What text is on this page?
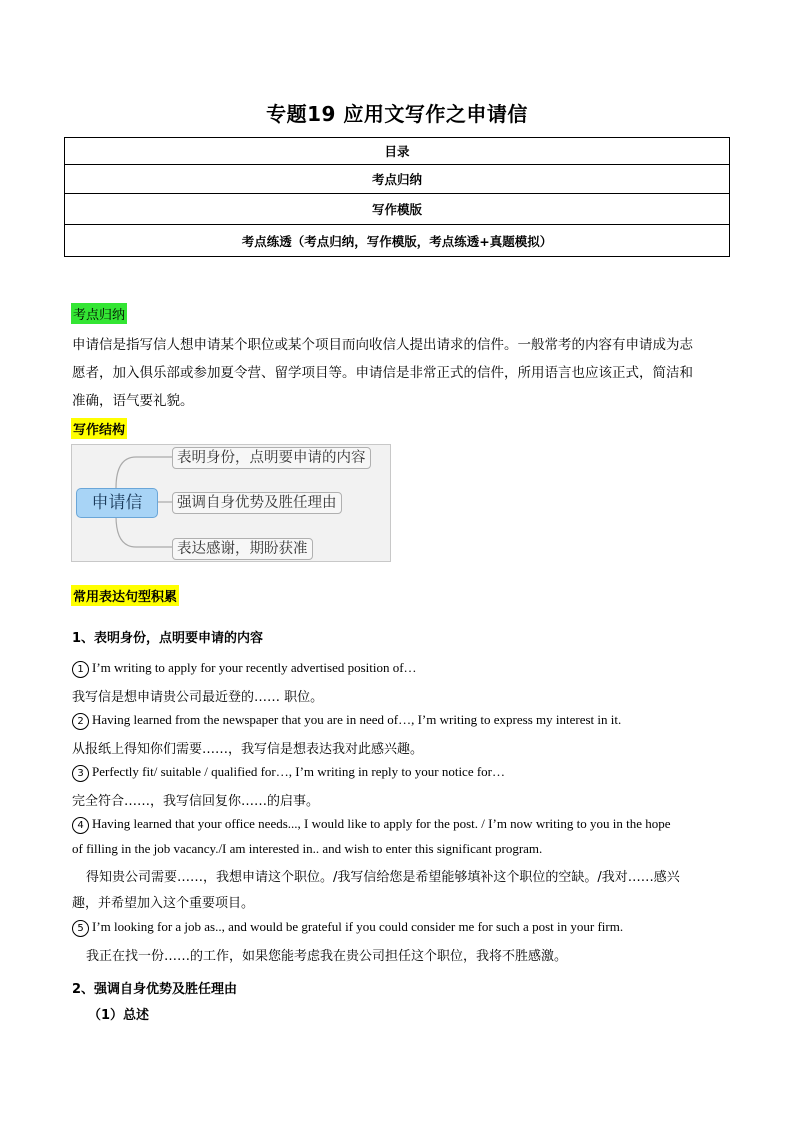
专题19 应用文写作之申请信
目录
考点归纳
写作模版
考点练透（考点归纳，写作模版，考点练透+真题模拟）
考点归纳
申请信是指写信人想申请某个职位或某个项目而向收信人提出请求的信件。一般常考的内容有申请成为志
愿者，加入俱乐部或参加夏令营、留学项目等。申请信是非常正式的信件，所用语言也应该正式，简洁和
准确，语气要礼貌。
写作结构
申请信
表明身份，点明要申请的内容
强调自身优势及胜任理由
表达感谢，期盼获准
常用表达句型积累
1、表明身份，点明要申请的内容
1 I’m writing to apply for your recently advertised position of…
我写信是想申请贵公司最近登的…… 职位。
2 Having learned from the newspaper that you are in need of…, I’m writing to express my interest in it.
从报纸上得知你们需要……，我写信是想表达我对此感兴趣。
3 Perfectly fit/ suitable / qualified for…, I’m writing in reply to your notice for…
完全符合……，我写信回复你……的启事。
4 Having learned that your office needs..., I would like to apply for the post. / I’m now writing to you in the hope
of filling in the job vacancy./I am interested in.. and wish to enter this significant program.
得知贵公司需要……，我想申请这个职位。/我写信给您是希望能够填补这个职位的空缺。/我对……感兴
趣，并希望加入这个重要项目。
5 I’m looking for a job as.., and would be grateful if you could consider me for such a post in your firm.
我正在找一份……的工作，如果您能考虑我在贵公司担任这个职位，我将不胜感激。
2、强调自身优势及胜任理由
（1）总述
